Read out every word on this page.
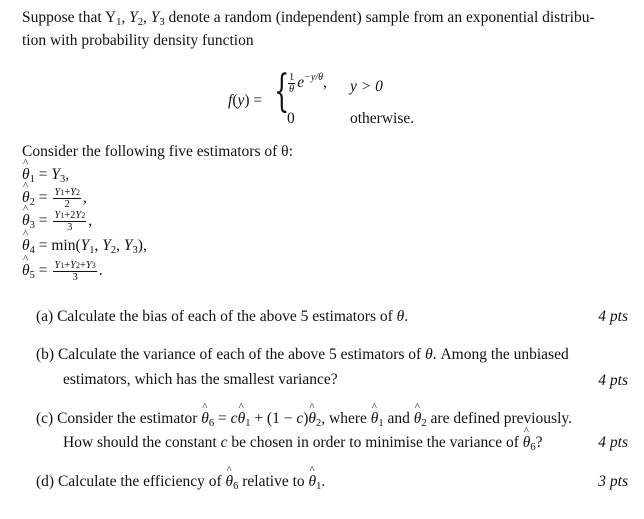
Suppose that $Y_1$, $Y_2$, $Y_3$ denote a random (independent) sample from an exponential distribu-
tion with probability density function
f(y) = {
$\frac{1}{\theta} e^{-y/\theta}$, y > 0
0	otherwise.
Consider the following five estimators of θ:
^ $\theta_1 = Y_3$,
^ $\theta_2 = \frac{Y1+Y2}{2}$ ,
^ $\theta_3 = \frac{Y1+2Y2}{3}$ ,
^ $\theta_4 = \min(Y_1$, $Y_2$, $Y_3$),
^ $\theta_5 = \frac{Y1+Y2+Y3}{3}$ .
(a) Calculate the bias of each of the above 5 estimators of θ.	4 pts
(b) Calculate the variance of each of the above 5 estimators of θ. Among the unbiased
estimators, which has the smallest variance?	4 pts
(c) Consider the estimator ^ $\theta_6$ = c^ $\theta_1 + (1$ − c)^ $\theta_2$, where ^ $\theta_1$ and ^ $\theta_2$ are defined previously.
How should the constant c be chosen in order to minimise the variance of ^ $\theta_6$?	4 pts
(d) Calculate the efficiency of ^ $\theta_6$ relative to ^ $\theta_1$.	3 pts
